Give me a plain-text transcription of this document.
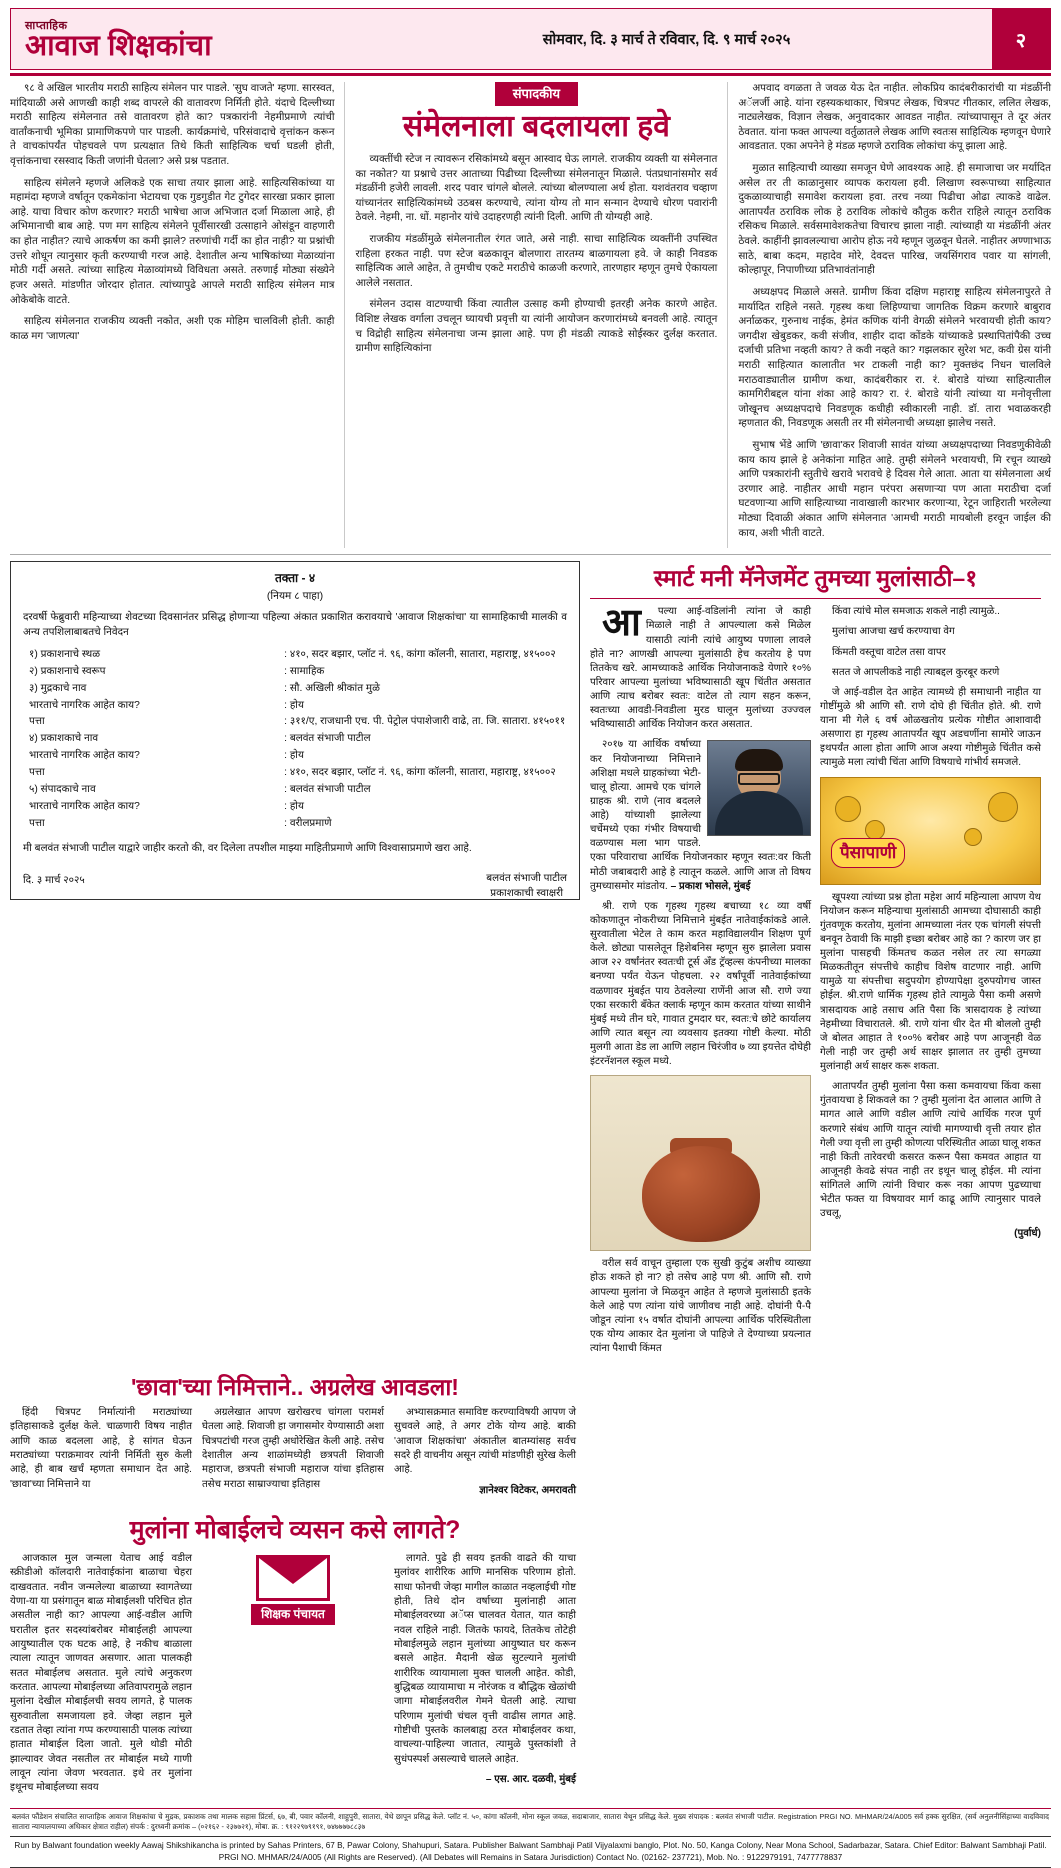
साप्ताहिक
आवाज शिक्षकांचा	सोमवार, दि. ३ मार्च ते रविवार, दि. ९ मार्च २०२५	२

९८ वे अखिल भारतीय मराठी साहित्य संमेलन पार पाडले. 'सुघ वाजते' म्हणा. सारस्वत, मांदियाळी असे आणखी काही शब्द वापरले की वातावरण निर्मिती होते. यंदाचे दिल्लीच्या मराठी साहित्य संमेलनात तसे वातावरण होते का? पत्रकारांनी नेहमीप्रमाणे त्यांची वार्तांकनाची भूमिका प्रामाणिकपणे पार पाडली. कार्यक्रमांचे, परिसंवादाचे वृत्तांकन करून ते वाचकांपर्यंत पोहचवले पण प्रत्यक्षात तिथे किती साहित्यिक चर्चा घडली होती, वृत्तांकनाचा रसस्वाद किती जणांनी घेतला? असे प्रश्न पडतात.

साहित्य संमेलने म्हणजे अलिकडे एक साचा तयार झाला आहे. साहित्यसिकांच्या या महामंदा म्हणजे वर्षातून एकमेकांना भेटायचा एक गुडगुडीत गेट टुगेदर सारखा प्रकार झाला आहे. याचा विचार कोण करणार? मराठी भाषेचा आज अभिजात दर्जा मिळाला आहे, ही अभिमानाची बाब आहे. पण मग साहित्य संमेलने पूर्वीसारखी उत्साहाने ओसंडून वाहणारी का होत नाहीत? त्याचे आकर्षण का कमी झाले? तरुणांची गर्दी का होत नाही? या प्रश्नांची उत्तरे शोधून त्यानुसार कृती करण्याची गरज आहे. देशातील अन्य भाषिकांच्या मेळाव्यांना मोठी गर्दी असते. त्यांच्या साहित्य मेळाव्यांमध्ये विविधता असते. तरुणाई मोठ्या संख्येने हजर असते. मांडणीत जोरदार होतात. त्यांच्यापुढे आपले मराठी साहित्य संमेलन मात्र ओकेबोके वाटते.

साहित्य संमेलनात राजकीय व्यक्ती नकोत, अशी एक मोहिम चालविली होती. काही काळ मग 'जाणत्या'

संपादकीय
संमेलनाला बदलायला हवे

व्यक्तींची स्टेज न त्यावरून रसिकांमध्ये बसून आस्वाद घेऊ लागले. राजकीय व्यक्ती या संमेलनात का नकोत? या प्रश्नाचे उत्तर आताच्या पिढीच्या दिल्लीच्या संमेलनातून मिळाले. पंतप्रधानांसमोर सर्व मंडळींनी हजेरी लावली. शरद पवार चांगले बोलले. त्यांच्या बोलण्याला अर्थ होता. यशवंतराव चव्हाण यांच्यानंतर साहित्यिकांमध्ये उठबस करण्याचे, त्यांना योग्य तो मान सन्मान देण्याचे धोरण पवारांनी ठेवले. नेहमी, ना. धों. महानोर यांचे उदाहरणही त्यांनी दिली. आणि ती योग्यही आहे.

राजकीय मंडळींमुळे संमेलनातील रंगत जाते, असे नाही. साचा साहित्यिक व्यक्तींनी उपस्थित राहिला हरकत नाही. पण स्टेज बळकावून बोलणारा तारतम्य बाळगायला हवे. जे काही निवडक साहित्यिक आले आहेत, ते तुमचीच एकटे मराठीचे काळजी करणारे, तारणहार म्हणून तुमचे ऐकायला आलेले नसतात.

संमेलन उदास वाटण्याची किंवा त्यातील उत्साह कमी होण्याची इतरही अनेक कारणे आहेत. विशिष्ट लेखक वर्गाला उचलून घ्यायची प्रवृत्ती या त्यांनी आयोजन करणारांमध्ये बनवली आहे. त्यातून च विद्रोही साहित्य संमेलनाचा जन्म झाला आहे. पण ही मंडळी त्याकडे सोईस्कर दुर्लक्ष करतात. ग्रामीण साहित्यिकांना

अपवाद वगळता ते जवळ येऊ देत नाहीत. लोकप्रिय कादंबरीकारांची या मंडळींनी अॅलर्जी आहे. यांना रहस्यकथाकार, चित्रपट लेखक, चित्रपट गीतकार, ललित लेखक, नाट्यलेखक, विज्ञान लेखक, अनुवादकार आवडत नाहीत. त्यांच्यापासून ते दूर अंतर ठेवतात. यांना फक्त आपल्या वर्तुळातले लेखक आणि स्वतःस साहित्यिक म्हणवून घेणारे आवडतात. एका अपनेने हे मंडळ म्हणजे ठराविक लोकांचा कंपू झाला आहे.

मुळात साहित्याची व्याख्या समजून घेणे आवश्यक आहे. ही समाजाचा जर मर्यादित असेल तर ती काळानुसार व्यापक करायला हवी. लिखाण स्वरूपाच्या साहित्यात दुकळाव्याचाही समावेश करायला हवा. तरच नव्या पिढीचा ओढा त्याकडे वाढेल. आतापर्यंत ठराविक लोक हे ठराविक लोकांचे कौतुक करीत राहिले त्यातून ठराविक रसिकच मिळाले. सर्वसमावेशकतेचा विचारच झाला नाही. त्यांच्याही या मंडळींनी अंतर ठेवले. काहींनी झावलल्याचा आरोप होऊ नये म्हणून जुळवून घेतले. नाहीतर अण्णाभाऊ साठे, बाबा कदम, महादेव मोरे, देवदत्त पारिख, जयसिंगराव पवार या सांगली, कोल्हापूर, निपाणीच्या प्रतिभावंतांनाही

अध्यक्षपद मिळाले असते. ग्रामीण किंवा दक्षिण महाराष्ट्र साहित्य संमेलनापुरते ते मार्यादित राहिले नसते. गृहस्थ कथा लिहिण्याचा जागतिक विक्रम करणारे बाबुराव अर्नाळकर, गुरुनाथ नाईक, हेमंत कणिक यांनी वेगळी संमेलने भरवायची होती काय? जगदीश खेबुडकर, कवी संजीव, शाहीर दादा कोंडके यांच्याकडे प्रस्थापितांपैकी उच्च दर्जाची प्रतिभा नव्हती काय? ते कवी नव्हते का? गझलकार सुरेश भट, कवी ग्रेस यांनी मराठी साहित्यात कालातीत भर टाकली नाही का? मुक्तछंद निधन चालविले मराठवाड्यातील ग्रामीण कथा, कादंबरीकार रा. रं. बोराडे यांच्या साहित्यातील कामगिरीबद्दल यांना शंका आहे काय? रा. रं. बोराडे यांनी त्यांच्या या मनोवृत्तीला जोखूनच अध्यक्षपदाचे निवडणूक कधीही स्वीकारली नाही. डॉ. तारा भवाळकरही म्हणतात की, निवडणूक असती तर मी संमेलनाची अध्यक्षा झालेच नसते.

सुभाष भेंडे आणि 'छावा'कर शिवाजी सावंत यांच्या अध्यक्षपदाच्या निवडणुकीवेळी काय काय झाले हे अनेकांना माहित आहे. तुम्ही संमेलने भरवायची, मि रचून व्याख्ये आणि पत्रकारांनी स्तुतीचे खरावे भरावचे हे दिवस गेले आता. आता या संमेलनाला अर्थ उरणार आहे. नाहीतर आधी महान परंपरा असणाऱ्या पण आता मराठीचा दर्जा घटवणाऱ्या आणि साहित्याच्या नावाखाली कारभार करणाऱ्या, रेटून जाहिराती भरलेल्या मोठ्या दिवाळी अंकात आणि संमेलनात 'आमची मराठी मायबोली हरवून जाईल की काय, अशी भीती वाटते.

तक्ता - ४
(नियम ८ पाहा)
दरवर्षी फेब्रुवारी महिन्याच्या शेवटच्या दिवसानंतर प्रसिद्ध होणाऱ्या पहिल्या अंकात प्रकाशित करावयाचे 'आवाज शिक्षकांचा' या सामाहिकाची मालकी व अन्य तपशिलाबाबतचे निवेदन
१) प्रकाशनाचे स्थळ	: ४१०, सदर बझार, प्लॉट नं. ९६, कांगा कॉलनी, सातारा, महाराष्ट्र, ४१५००२
२) प्रकाशनाचे स्वरूप	: सामाहिक
३) मुद्रकाचे नाव	: सौ. अखिली श्रीकांत मुळे
भारताचे नागरिक आहेत काय?	: होय
पत्ता	: ३११/ए, राजधानी एच. पी. पेट्रोल पंपाशेजारी वाढे, ता. जि. सातारा. ४१५०११
४) प्रकाशकाचे नाव	: बलवंत संभाजी पाटील
भारताचे नागरिक आहेत काय?	: होय
पत्ता	: ४१०, सदर बझार, प्लॉट नं. ९६, कांगा कॉलनी, सातारा, महाराष्ट्र, ४१५००२
५) संपादकाचे नाव	: बलवंत संभाजी पाटील
भारताचे नागरिक आहेत काय?	: होय
पत्ता	: वरीलप्रमाणे
मी बलवंत संभाजी पाटील याद्वारे जाहीर करतो की, वर दिलेला तपशील माझ्या माहितीप्रमाणे आणि विश्वासाप्रमाणे खरा आहे.
बलवंत संभाजी पाटील
प्रकाशकाची स्वाक्षरी
दि. ३ मार्च २०२५
स्मार्ट मनी मॅनेजमेंट तुमच्या मुलांसाठी–१

आ पल्या आई-वडिलांनी त्यांना जे काही मिळाले नाही ते आपल्याला कसे मिळेल यासाठी त्यांनी त्यांचे आयुष्य पणाला लावले होते ना? आणखी आपल्या मुलांसाठी हेच करतोय हे पण तितकेच खरे. आमच्याकडे आर्थिक नियोजनाकडे येणारे १०% परिवार आपल्या मुलांच्या भविष्यासाठी खूप चिंतीत असतात आणि त्याच बरोबर स्वतः: वाटेल तो त्याग सहन करून, स्वतःच्या आवडी-निवडीला मुरड घालून मुलांच्या उज्ज्वल भविष्यासाठी आर्थिक नियोजन करत असतात.

२०१७ या आर्थिक वर्षाच्या कर नियोजनाच्या निमित्ताने अशिक्षा मधले ग्राहकांच्या भेटी-चालू होत्या. आमचे एक चांगले ग्राहक श्री. राणे (नाव बदलले आहे) यांच्याशी झालेल्या चर्चेमध्ये एका गंभीर विषयाची वळण्यास मला भाग पाडले. एका परिवाराचा आर्थिक नियोजनकार म्हणून स्वतः:वर किती मोठी जबाबदारी आहे हे त्यातून कळले. आणि आज तो विषय तुमच्यासमोर मांडतोय. – प्रकाश भोसले, मुंबई

श्री. राणे एक गृहस्थ गृहस्थ बचाच्या १८ व्या वर्षी कोकणातून नोकरीच्या निमित्ताने मुंबईत नातेवाईकांकडे आले. सुरवातीला भेटेल ते काम करत महाविद्यालयीन शिक्षण पूर्ण केले. छोट्या पासलेतून हिशेबनिस म्हणून सुरु झालेला प्रवास आज २२ वर्षांनंतर स्वतःची टूर्स अँड ट्रॅव्हल्स कंपनीच्या मालका बनण्या पर्यंत येऊन पोहचला. २२ वर्षांपूर्वी नातेवाईकांच्या वळणावर मुंबईत पाय ठेवलेल्या राणेंनी आज सौ. राणे ज्या एका सरकारी बँकेत क्लार्क म्हणून काम करतात यांच्या साथीने मुंबई मध्ये तीन घरे, गावात टुमदार घर, स्वतः:चे छोटे कार्यालय आणि त्यात बसून त्या व्यवसाय इतक्या गोष्टी केल्या. मोठी मुलगी आता डेड ला आणि लहान चिरंजीव ७ व्या इयत्तेत दोघेही इंटरनॅशनल स्कूल मध्ये.

वरील सर्व वाचून तुम्हाला एक सुखी कुटुंब अशीच व्याख्या होऊ शकते हो ना? हो तसेच आहे पण श्री. आणि सौ. राणे आपल्या मुलांना जे मिळवून आहेत ते म्हणजे मुलांसाठी इतके केले आहे पण त्यांना यांचे जाणीवच नाही आहे. दोघांनी पै-पै जोडून त्यांना १५ वर्षात दोघांनी आपल्या आर्थिक परिस्थितीला एक योग्य आकार देत मुलांना जे पाहिजे ते देण्याच्या प्रयत्नात त्यांना पैशाची किंमत

किंवा त्यांचे मोल समजाऊ शकले नाही त्यामुळे..

मुलांचा आजचा खर्च करण्याचा वेग

किंमती वस्तूचा वाटेल तसा वापर

सतत जे आपलीकडे नाही त्याबद्दल कुरबूर करणे

जे आई-वडील देत आहेत त्यामध्ये ही समाधानी नाहीत या गोष्टींमुळे श्री आणि सौ. राणे दोघे ही चिंतीत होते. श्री. राणे याना मी गेले ६ वर्ष ओळखतोय प्रत्येक गोष्टीत आशावादी असणारा हा गृहस्थ आतापर्यंत खूप अडचणींना सामोरे जाऊन इथपर्यंत आला होता आणि आज अश्या गोष्टीमुळे चिंतीत कसे त्यामुळे मला त्यांची चिंता आणि विषयाचे गांभीर्य समजले.

पैसापाणी

खूपश्या त्यांच्या प्रश्न होता महेश आर्य महिन्याला आपण येथ नियोजन करून महिन्याचा मुलांसाठी आमच्या दोघासाठी काही गुंतवणूक करतोय, मुलांना आमच्याला नंतर एक चांगली संपत्ती बनवून ठेवावी कि माझी इच्छा बरोबर आहे का ? कारण जर हा मुलांना पासहची किंमतच कळत नसेल तर त्या सगळ्या मिळकतीतून संपत्तीचे काहीच विशेष वाटणार नाही. आणि यामुळे या संपत्तीचा सदुपयोग होण्यापेक्षा दुरुपयोगच जास्त होईल. श्री.राणे धार्मिक गृहस्थ होते त्यामुळे पैसा कमी असणे त्रासदायक आहे तसाच अति पैसा कि त्रासदायक हे त्यांच्या नेहमीच्या विचारातले. श्री. राणे यांना धीर देत मी बोललो तुम्ही जे बोलत आहात ते १००% बरोबर आहे पण आजूनही वेळ गेली नाही जर तुम्ही अर्थ साक्षर झालात तर तुम्ही तुमच्या मुलांनाही अर्थ साक्षर करू शकता.

आतापर्यंत तुम्ही मुलांना पैसा कसा कमवायचा किंवा कसा गुंतवायचा हे शिकवले का ? तुम्ही मुलांना देत आलात आणि ते मागत आले आणि वडील आणि त्यांचे आर्थिक गरज पूर्ण करणारे संबंध आणि यातून त्यांची मागण्याची वृत्ती तयार होत गेली ज्या वृत्ती ला तुम्ही कोणत्या परिस्थितीत आळा घालू शकत नाही किती तारेवरची कसरत करून पैसा कमवत आहात या आजूनही केवढे संपत नाही तर इथून चालू होईल. मी त्यांना सांगितले आणि त्यांनी विचार करू नका आपण पुढच्याचा भेटीत फक्त या विषयावर मार्ग काढू आणि त्यानुसार पावले उचलू,

(पुर्वार्ध)

'छावा'च्या निमित्ताने.. अग्रलेख आवडला!

हिंदी चित्रपट निर्मात्यांनी मराठ्यांच्या इतिहासाकडे दुर्लक्ष केले. चाळणारी विषय नाहीत आणि काळ बदलला आहे, हे सांगत घेऊन मराठ्यांच्या पराक्रमावर त्यांनी निर्मिती सुरु केली आहे, ही बाब खर्चं म्हणता समाधान देत आहे. 'छावा'च्या निमित्ताने या

अग्रलेखात आपण खरोखरच चांगला परामर्श घेतला आहे. शिवाजी हा जगासमोर येण्यासाठी अशा चित्रपटांची गरज तुम्ही अधोरेखित केली आहे. तसेच देशातील अन्य शाळांमध्येही छत्रपती शिवाजी महाराज, छत्रपती संभाजी महाराज यांचा इतिहास तसेच मराठा साम्राज्याचा इतिहास

अभ्यासक्रमात समाविष्ट करण्याविषयी आपण जे सुचवले आहे, ते अगर टोके योग्य आहे. बाकी 'आवाज शिक्षकांचा' अंकातील बातम्यांसह सर्वच सदरे ही वाचनीय असून त्यांची मांडणीही सुरेख केली आहे.

ज्ञानेश्वर विटेकर, अमरावती

मुलांना मोबाईलचे व्यसन कसे लागते?

आजकाल मुल जन्मला येताच आई वडील स्क्रीडीओ कॉलदारी नातेवाईकांना बाळाचा चेहरा दाखवतात. नवीन जन्मलेल्या बाळाच्या स्वागतेच्या येणा-या या प्रसंगातून बाळ मोबाईलशी परिचित होत असतील नाही का? आपल्या आई-वडील आणि घरातील इतर सदस्यांबरोबर मोबाईलही आपल्या आयुष्यातील एक घटक आहे, हे नकीच बाळाला त्याला त्यातून जाणवत असणार. आता पालकही सतत मोबाईलच असतात. मुले त्यांचे अनुकरण करतात. आपल्या मोबाईलच्या अतिवापरामुळे लहान मुलांना देखील मोबाईलची सवय लागते, हे पालक सुरुवातीला समजायला हवे. जेव्हा लहान मुले रडतात तेव्हा त्यांना गप्प करण्यासाठी पालक त्यांच्या हातात मोबाईल दिला जातो. मुले थोडी मोठी झाल्यावर जेवत नसतील तर मोबाईल मध्ये गाणी लावून त्यांना जेवण भरवतात. इथे तर मुलांना इथूनच मोबाईलच्या सवय

शिक्षक पंचायत

लागते. पुढे ही सवय इतकी वाढते की याचा मुलांवर शारीरिक आणि मानसिक परिणाम होतो. साधा फोनची जेव्हा मागील काळात नव्हलाईची गोष्ट होती, तिथे दोन वर्षाच्या मुलांनाही आता मोबाईलवरच्या अॅप्स चालवत येतात, यात काही नवल राहिले नाही. जितके फायदे, तितकेच तोटेही मोबाईलमुळे लहान मुलांच्या आयुष्यात घर करून बसले आहेत. मैदानी खेळ सुटल्याने मुलांची शारीरिक व्यायामाला मुक्त चालली आहेत. कोडी, बुद्धिबळ व्यायामाचा म नोरंजक व बौद्धिक खेळांची जागा मोबाईलवरील गेमने घेतली आहे. त्याचा परिणाम मुलांची चंचल वृत्ती वाढीस लागत आहे. गोष्टीची पुस्तके कालबाह्य ठरत मोबाईलवर कथा, वाचल्या-पाहिल्या जातात, त्यामुळे पुस्तकांशी ते सुधंपस्पर्श असल्याचे चालले आहेत.

– एस. आर. दळवी, मुंबई

बलवंत फौंडेशन संचालित साप्ताहिक आवाज शिक्षकांचा चे मुद्रक, प्रकाशक तथा मालक सहास प्रिंटर्स, ६७, बी, पवार कॉलनी, शाहुपुरी, सातारा, येथे छापून प्रसिद्ध केले. प्लॉट नं. ५०, कांगा कॉलनी, मोना स्कूल जवळ, सदाबाजार, सातारा येथून प्रसिद्ध केले. मुख्य संपादक : बलवंत संभाजी पाटील. Registration PRGI NO. MHMAR/24/A005 सर्व हक्क सुरक्षित, (सर्व अनुलनीसिंहाच्या वादविवाद सातारा न्यायालयाच्या अधिकार क्षेत्रात राहील) संपर्क : दुरध्वनी क्रमांक – (०२१६२ - २३७७२१), मोबा. क्र. : ९१२२९७९१९१, ७४७७७७८८३७
Run by Balwant foundation weekly Aawaj Shikshikancha is printed by Sahas Printers, 67 B, Pawar Colony, Shahupuri, Satara. Publisher Balwant Sambhaji Patil Vijyalaxmi banglo, Plot. No. 50, Kanga Colony, Near Mona School, Sadarbazar, Satara. Chief Editor: Balwant Sambhaji Patil. PRGI NO. MHMAR/24/A005 (All Rights are Reserved). (All Debates will Remains in Satara Jurisdiction) Contact No. (02162- 237721), Mob. No. : 9122979191, 7477778837
